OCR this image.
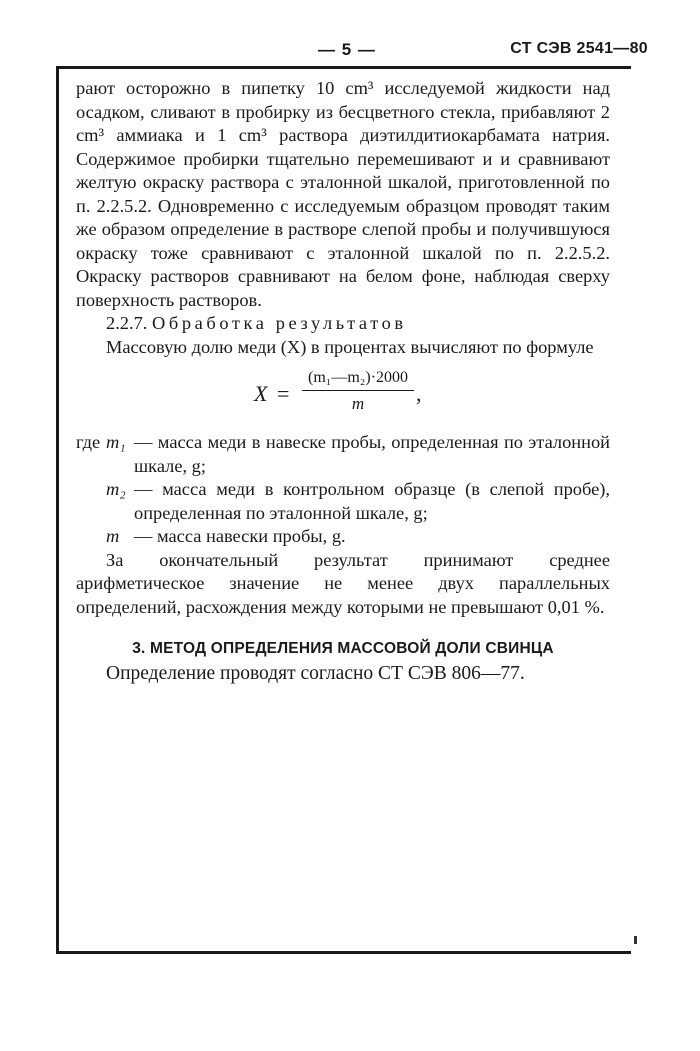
— 5 —	СТ СЭВ 2541—80

рают осторожно в пипетку 10 cm³ исследуемой жидкости над осадком, сливают в пробирку из бесцветного стекла, прибавляют 2 cm³ аммиака и 1 cm³ раствора диэтилдитиокарбамата натрия. Содержимое пробирки тщательно перемешивают и и сравнивают желтую окраску раствора с эталонной шкалой, приготовленной по п. 2.2.5.2. Одновременно с исследуемым образцом проводят таким же образом определение в растворе слепой пробы и получившуюся окраску тоже сравнивают с эталонной шкалой по п. 2.2.5.2. Окраску растворов сравнивают на белом фоне, наблюдая сверху поверхность растворов.

2.2.7. Обработка результатов

Массовую долю меди (X) в процентах вычисляют по формуле

X =
(m₁—m₂)·2000
m	,
где m₁ — масса меди в навеске пробы, определенная по эталонной шкале, g;
m₂ — масса меди в контрольном образце (в слепой пробе), определенная по эталонной шкале, g;
m — масса навески пробы, g.

За окончательный результат принимают среднее арифметическое значение не менее двух параллельных определений, расхождения между которыми не превышают 0,01 %.

3. МЕТОД ОПРЕДЕЛЕНИЯ МАССОВОЙ ДОЛИ СВИНЦА

Определение проводят согласно СТ СЭВ 806—77.
